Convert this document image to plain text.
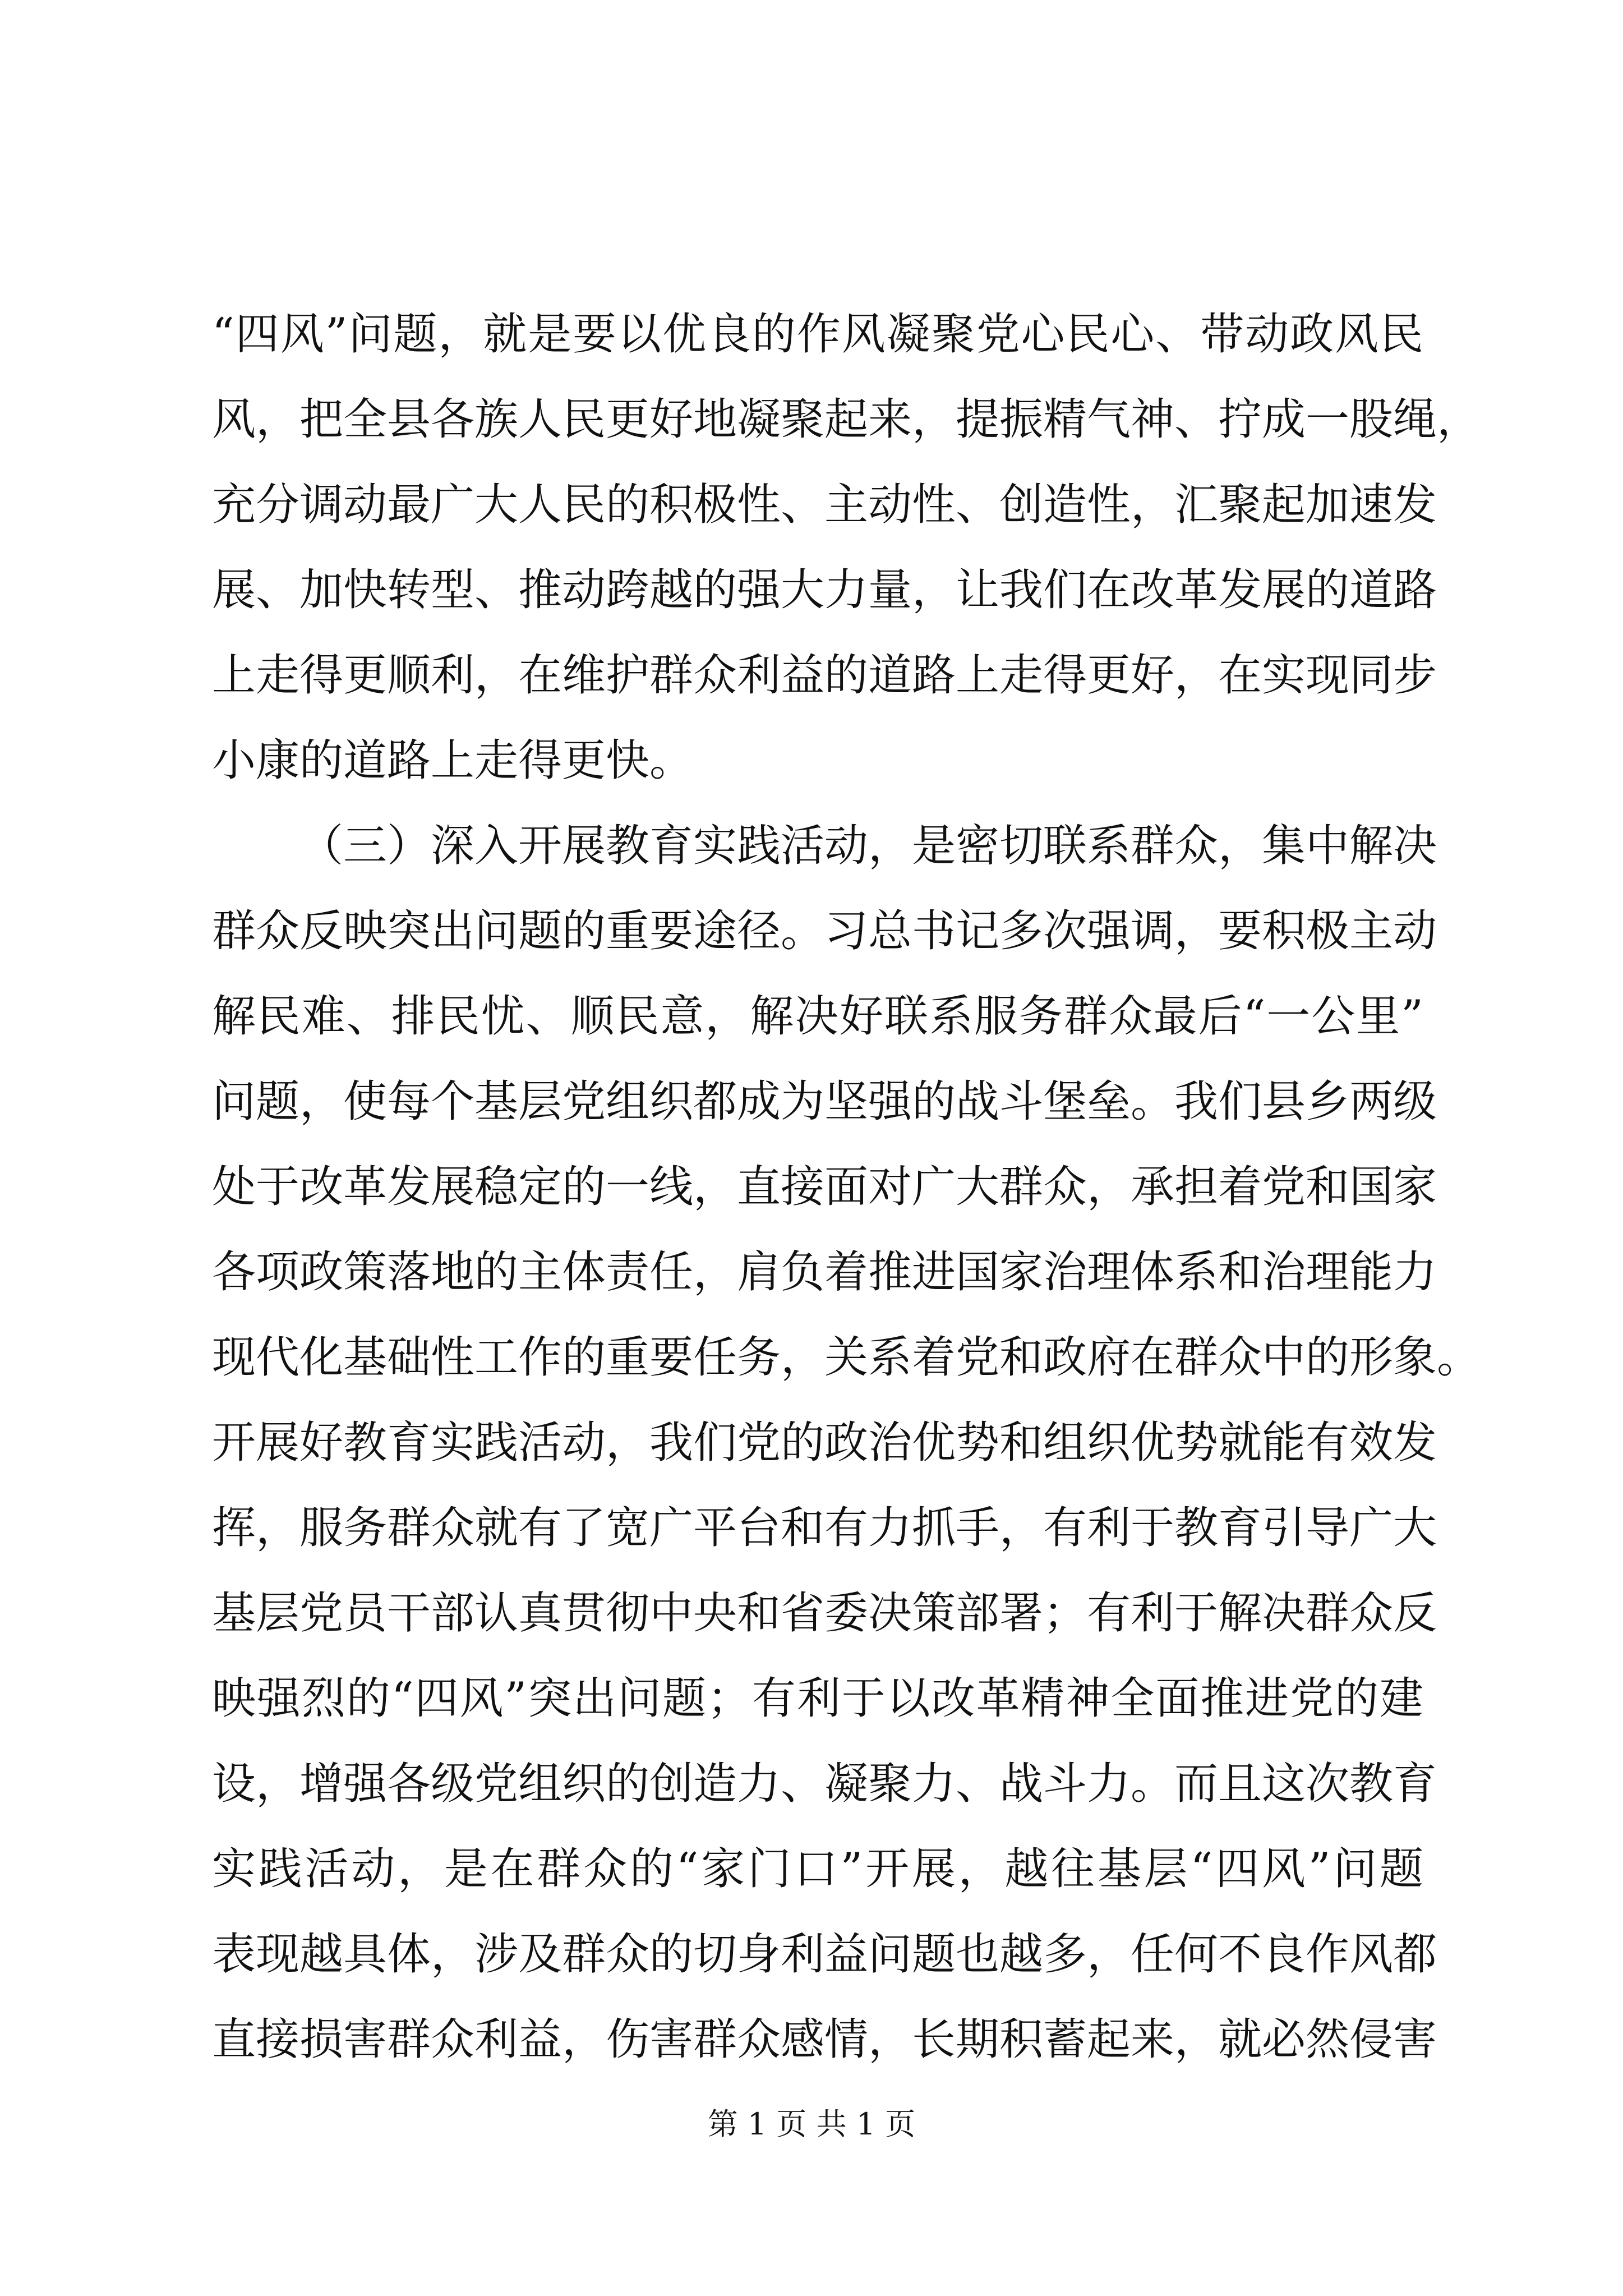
“四风”问题，就是要以优良的作风凝聚党心民心、带动政风民
风，把全县各族人民更好地凝聚起来，提振精气神、拧成一股绳，
充分调动最广大人民的积极性、主动性、创造性，汇聚起加速发
展、加快转型、推动跨越的强大力量，让我们在改革发展的道路
上走得更顺利，在维护群众利益的道路上走得更好，在实现同步
小康的道路上走得更快。
（三）深入开展教育实践活动，是密切联系群众，集中解决
群众反映突出问题的重要途径。习总书记多次强调，要积极主动
解民难、排民忧、顺民意，解决好联系服务群众最后“一公里”
问题，使每个基层党组织都成为坚强的战斗堡垒。我们县乡两级
处于改革发展稳定的一线，直接面对广大群众，承担着党和国家
各项政策落地的主体责任，肩负着推进国家治理体系和治理能力
现代化基础性工作的重要任务，关系着党和政府在群众中的形象。
开展好教育实践活动，我们党的政治优势和组织优势就能有效发
挥，服务群众就有了宽广平台和有力抓手，有利于教育引导广大
基层党员干部认真贯彻中央和省委决策部署；有利于解决群众反
映强烈的“四风”突出问题；有利于以改革精神全面推进党的建
设，增强各级党组织的创造力、凝聚力、战斗力。而且这次教育
实践活动，是在群众的“家门口”开展，越往基层“四风”问题
表现越具体，涉及群众的切身利益问题也越多，任何不良作风都
直接损害群众利益，伤害群众感情，长期积蓄起来，就必然侵害
第 1 页 共 1 页
